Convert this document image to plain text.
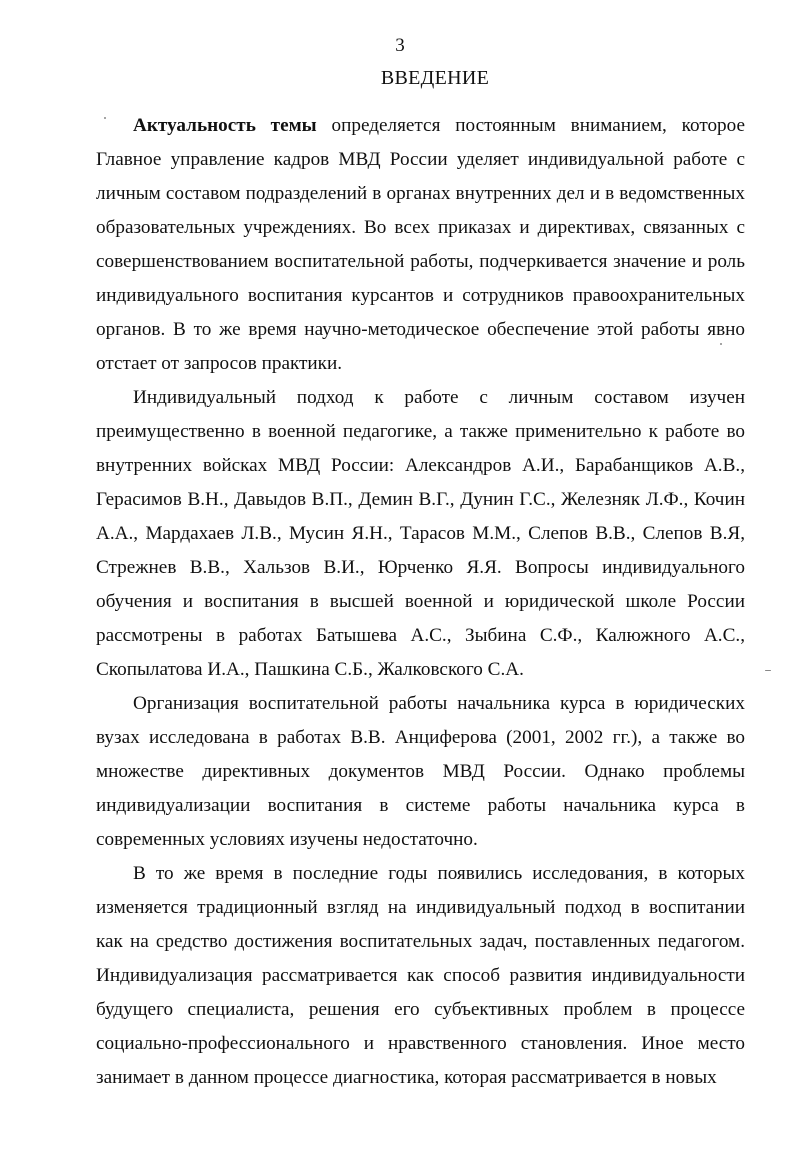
3
ВВЕДЕНИЕ

Актуальность темы определяется постоянным вниманием, которое Главное управление кадров МВД России уделяет индивидуальной работе с личным составом подразделений в органах внутренних дел и в ведомственных образовательных учреждениях. Во всех приказах и директивах, связанных с совершенствованием воспитательной работы, подчеркивается значение и роль индивидуального воспитания курсантов и сотрудников правоохранительных органов. В то же время научно-методическое обеспечение этой работы явно отстает от запросов практики.

Индивидуальный подход к работе с личным составом изучен преимущественно в военной педагогике, а также применительно к работе во внутренних войсках МВД России: Александров А.И., Барабанщиков А.В., Герасимов В.Н., Давыдов В.П., Демин В.Г., Дунин Г.С., Железняк Л.Ф., Кочин А.А., Мардахаев Л.В., Мусин Я.Н., Тарасов М.М., Слепов В.В., Слепов В.Я, Стрежнев В.В., Хальзов В.И., Юрченко Я.Я. Вопросы индивидуального обучения и воспитания в высшей военной и юридической школе России рассмотрены в работах Батышева А.С., Зыбина С.Ф., Калюжного А.С., Скопылатова И.А., Пашкина С.Б., Жалковского С.А.

Организация воспитательной работы начальника курса в юридических вузах исследована в работах В.В. Анциферова (2001, 2002 гг.), а также во множестве директивных документов МВД России. Однако проблемы индивидуализации воспитания в системе работы начальника курса в современных условиях изучены недостаточно.

В то же время в последние годы появились исследования, в которых изменяется традиционный взгляд на индивидуальный подход в воспитании как на средство достижения воспитательных задач, поставленных педагогом. Индивидуализация рассматривается как способ развития индивидуальности будущего специалиста, решения его субъективных проблем в процессе социально-профессионального и нравственного становления. Иное место занимает в данном процессе диагностика, которая рассматривается в новых
